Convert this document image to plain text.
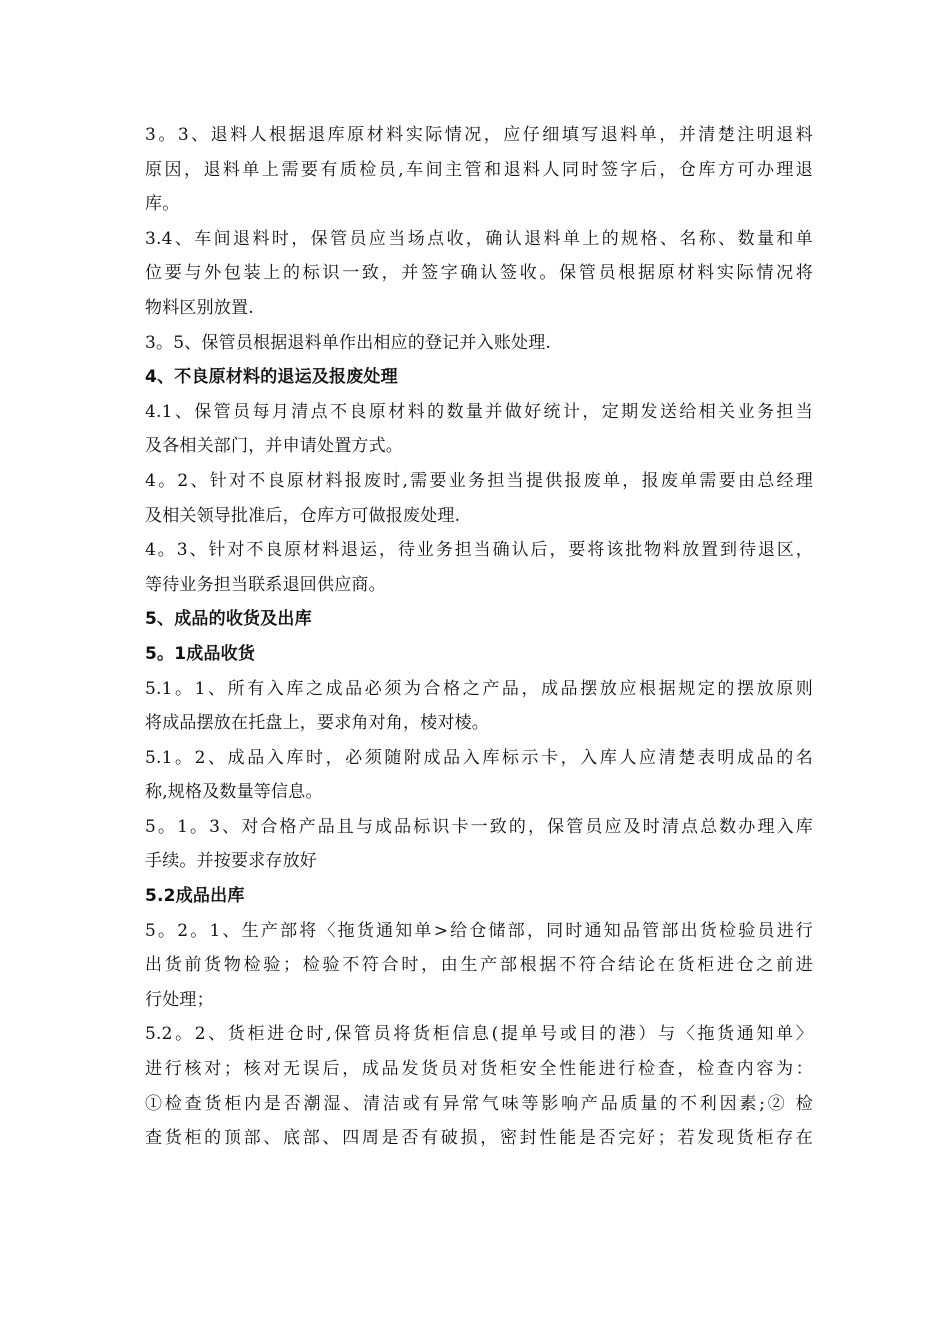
3。3、退料人根据退库原材料实际情况，应仔细填写退料单，并清楚注明退料
原因，退料单上需要有质检员,车间主管和退料人同时签字后，仓库方可办理退
库。
3.4、车间退料时，保管员应当场点收，确认退料单上的规格、名称、数量和单
位要与外包装上的标识一致，并签字确认签收。保管员根据原材料实际情况将
物料区别放置.
3。5、保管员根据退料单作出相应的登记并入账处理.
4、不良原材料的退运及报废处理
4.1、保管员每月清点不良原材料的数量并做好统计，定期发送给相关业务担当
及各相关部门，并申请处置方式。
4。2、针对不良原材料报废时,需要业务担当提供报废单，报废单需要由总经理
及相关领导批准后，仓库方可做报废处理.
4。3、针对不良原材料退运，待业务担当确认后，要将该批物料放置到待退区，
等待业务担当联系退回供应商。
5、成品的收货及出库
5。1成品收货
5.1。1、所有入库之成品必须为合格之产品，成品摆放应根据规定的摆放原则
将成品摆放在托盘上，要求角对角，棱对棱。
5.1。2、成品入库时，必须随附成品入库标示卡，入库人应清楚表明成品的名
称,规格及数量等信息。
5。1。3、对合格产品且与成品标识卡一致的，保管员应及时清点总数办理入库
手续。并按要求存放好
5.2成品出库
5。2。1、生产部将〈拖货通知单>给仓储部，同时通知品管部出货检验员进行
出货前货物检验；检验不符合时，由生产部根据不符合结论在货柜进仓之前进
行处理；
5.2。2、货柜进仓时,保管员将货柜信息(提单号或目的港）与〈拖货通知单〉
进行核对；核对无误后，成品发货员对货柜安全性能进行检查，检查内容为：
①检查货柜内是否潮湿、清洁或有异常气味等影响产品质量的不利因素;② 检
查货柜的顶部、底部、四周是否有破损，密封性能是否完好；若发现货柜存在
